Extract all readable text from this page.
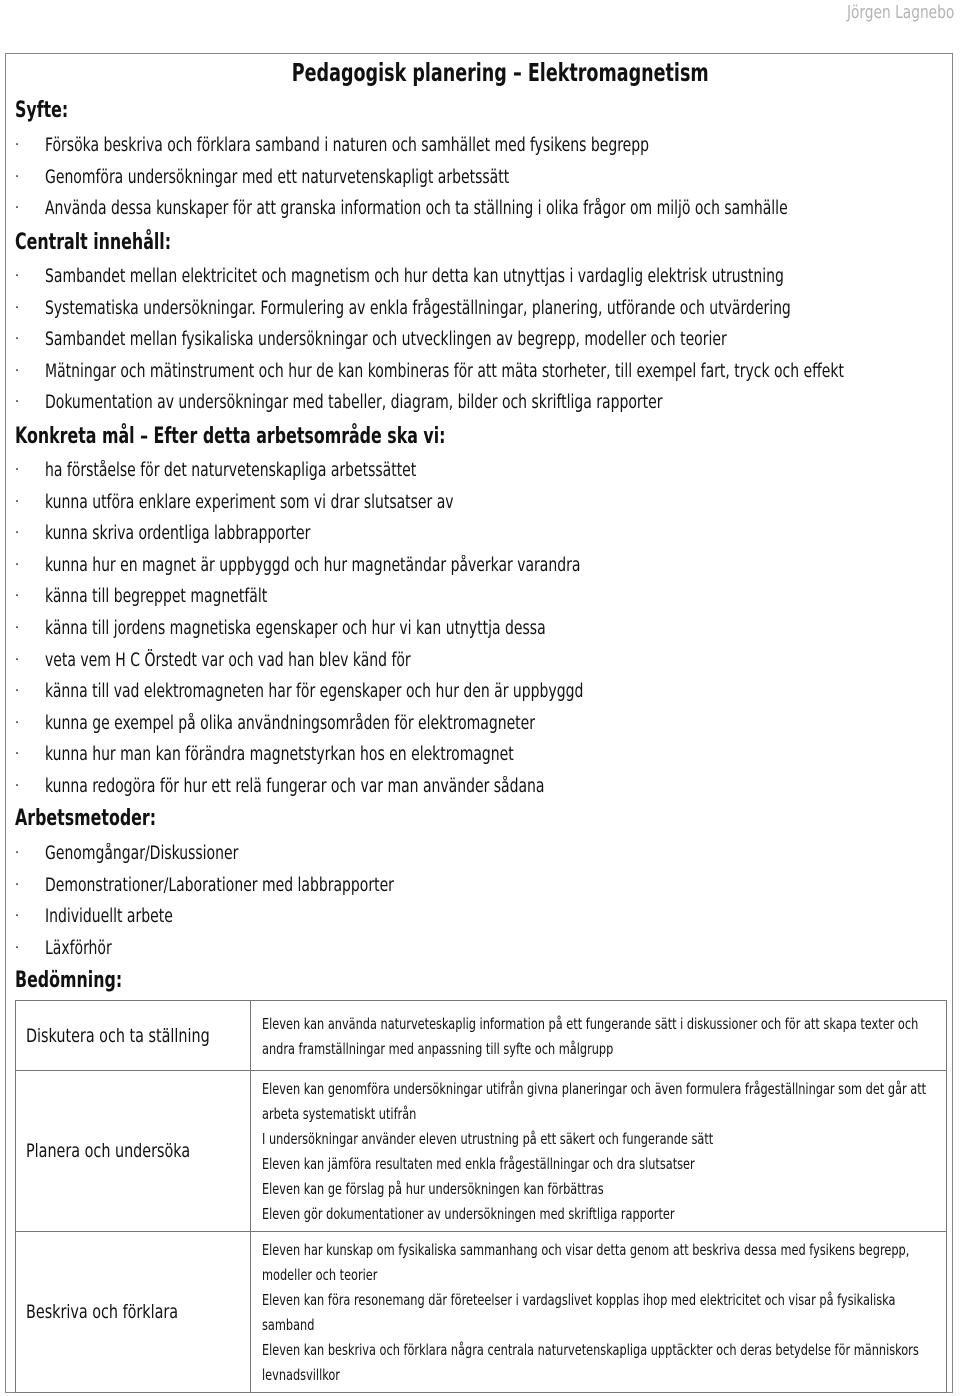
Jörgen Lagnebo
Pedagogisk planering – Elektromagnetism
Syfte:
· Försöka beskriva och förklara samband i naturen och samhället med fysikens begrepp
· Genomföra undersökningar med ett naturvetenskapligt arbetssätt
· Använda dessa kunskaper för att granska information och ta ställning i olika frågor om miljö och samhälle
Centralt innehåll:
· Sambandet mellan elektricitet och magnetism och hur detta kan utnyttjas i vardaglig elektrisk utrustning
· Systematiska undersökningar. Formulering av enkla frågeställningar, planering, utförande och utvärdering
· Sambandet mellan fysikaliska undersökningar och utvecklingen av begrepp, modeller och teorier
· Mätningar och mätinstrument och hur de kan kombineras för att mäta storheter, till exempel fart, tryck och effekt
· Dokumentation av undersökningar med tabeller, diagram, bilder och skriftliga rapporter
Konkreta mål – Efter detta arbetsområde ska vi:
· ha förståelse för det naturvetenskapliga arbetssättet
· kunna utföra enklare experiment som vi drar slutsatser av
· kunna skriva ordentliga labbrapporter
· kunna hur en magnet är uppbyggd och hur magnetändar påverkar varandra
· känna till begreppet magnetfält
· känna till jordens magnetiska egenskaper och hur vi kan utnyttja dessa
· veta vem H C Örstedt var och vad han blev känd för
· känna till vad elektromagneten har för egenskaper och hur den är uppbyggd
· kunna ge exempel på olika användningsområden för elektromagneter
· kunna hur man kan förändra magnetstyrkan hos en elektromagnet
· kunna redogöra för hur ett relä fungerar och var man använder sådana
Arbetsmetoder:
· Genomgångar/Diskussioner
· Demonstrationer/Laborationer med labbrapporter
· Individuellt arbete
· Läxförhör
Bedömning:
Diskutera och ta ställning	Eleven kan använda naturveteskaplig information på ett fungerande sätt i diskussioner och för att skapa texter och andra framställningar med anpassning till syfte och målgrupp

Planera och undersöka	Eleven kan genomföra undersökningar utifrån givna planeringar och även formulera frågeställningar som det går att arbeta systematiskt utifrån

I undersökningar använder eleven utrustning på ett säkert och fungerande sätt

Eleven kan jämföra resultaten med enkla frågeställningar och dra slutsatser

Eleven kan ge förslag på hur undersökningen kan förbättras

Eleven gör dokumentationer av undersökningen med skriftliga rapporter

Beskriva och förklara	Eleven har kunskap om fysikaliska sammanhang och visar detta genom att beskriva dessa med fysikens begrepp, modeller och teorier

Eleven kan föra resonemang där företeelser i vardagslivet kopplas ihop med elektricitet och visar på fysikaliska samband

Eleven kan beskriva och förklara några centrala naturvetenskapliga upptäckter och deras betydelse för människors levnadsvillkor
